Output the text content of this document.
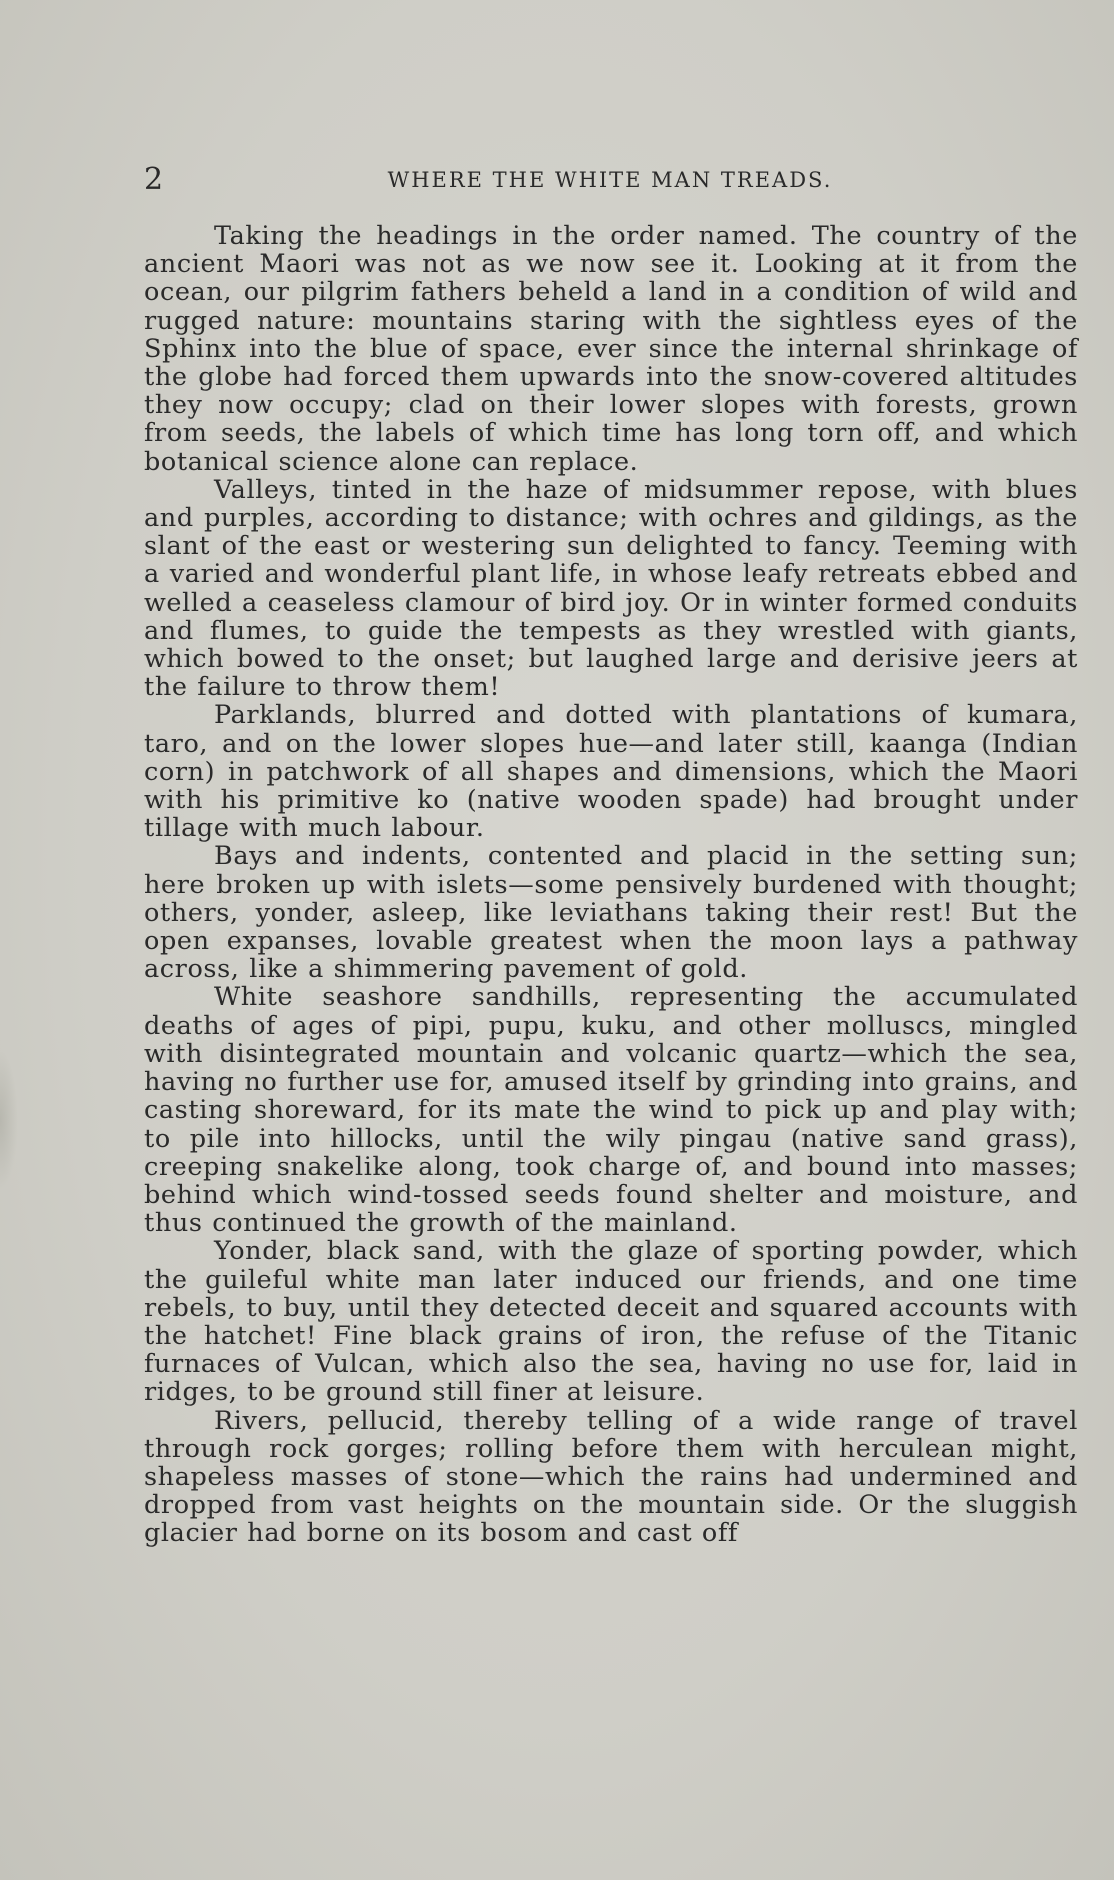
2	WHERE THE WHITE MAN TREADS.

Taking the headings in the order named. The country of the ancient Maori was not as we now see it. Looking at it from the ocean, our pilgrim fathers beheld a land in a condition of wild and rugged nature: mountains staring with the sightless eyes of the Sphinx into the blue of space, ever since the internal shrinkage of the globe had forced them upwards into the snow-covered altitudes they now occupy; clad on their lower slopes with forests, grown from seeds, the labels of which time has long torn off, and which botanical science alone can replace.

Valleys, tinted in the haze of midsummer repose, with blues and purples, according to distance; with ochres and gildings, as the slant of the east or westering sun delighted to fancy. Teeming with a varied and wonderful plant life, in whose leafy retreats ebbed and welled a ceaseless clamour of bird joy. Or in winter formed conduits and flumes, to guide the tempests as they wrestled with giants, which bowed to the onset; but laughed large and derisive jeers at the failure to throw them!

Parklands, blurred and dotted with plantations of kumara, taro, and on the lower slopes hue—and later still, kaanga (Indian corn) in patchwork of all shapes and dimensions, which the Maori with his primitive ko (native wooden spade) had brought under tillage with much labour.

Bays and indents, contented and placid in the setting sun; here broken up with islets—some pensively burdened with thought; others, yonder, asleep, like leviathans taking their rest! But the open expanses, lovable greatest when the moon lays a pathway across, like a shimmering pavement of gold.

White seashore sandhills, representing the accumulated deaths of ages of pipi, pupu, kuku, and other molluscs, mingled with disintegrated mountain and volcanic quartz—which the sea, having no further use for, amused itself by grinding into grains, and casting shoreward, for its mate the wind to pick up and play with; to pile into hillocks, until the wily pingau (native sand grass), creeping snakelike along, took charge of, and bound into masses; behind which wind-tossed seeds found shelter and moisture, and thus continued the growth of the mainland.

Yonder, black sand, with the glaze of sporting powder, which the guileful white man later induced our friends, and one time rebels, to buy, until they detected deceit and squared accounts with the hatchet! Fine black grains of iron, the refuse of the Titanic furnaces of Vulcan, which also the sea, having no use for, laid in ridges, to be ground still finer at leisure.

Rivers, pellucid, thereby telling of a wide range of travel through rock gorges; rolling before them with herculean might, shapeless masses of stone—which the rains had undermined and dropped from vast heights on the mountain side. Or the sluggish glacier had borne on its bosom and cast off
